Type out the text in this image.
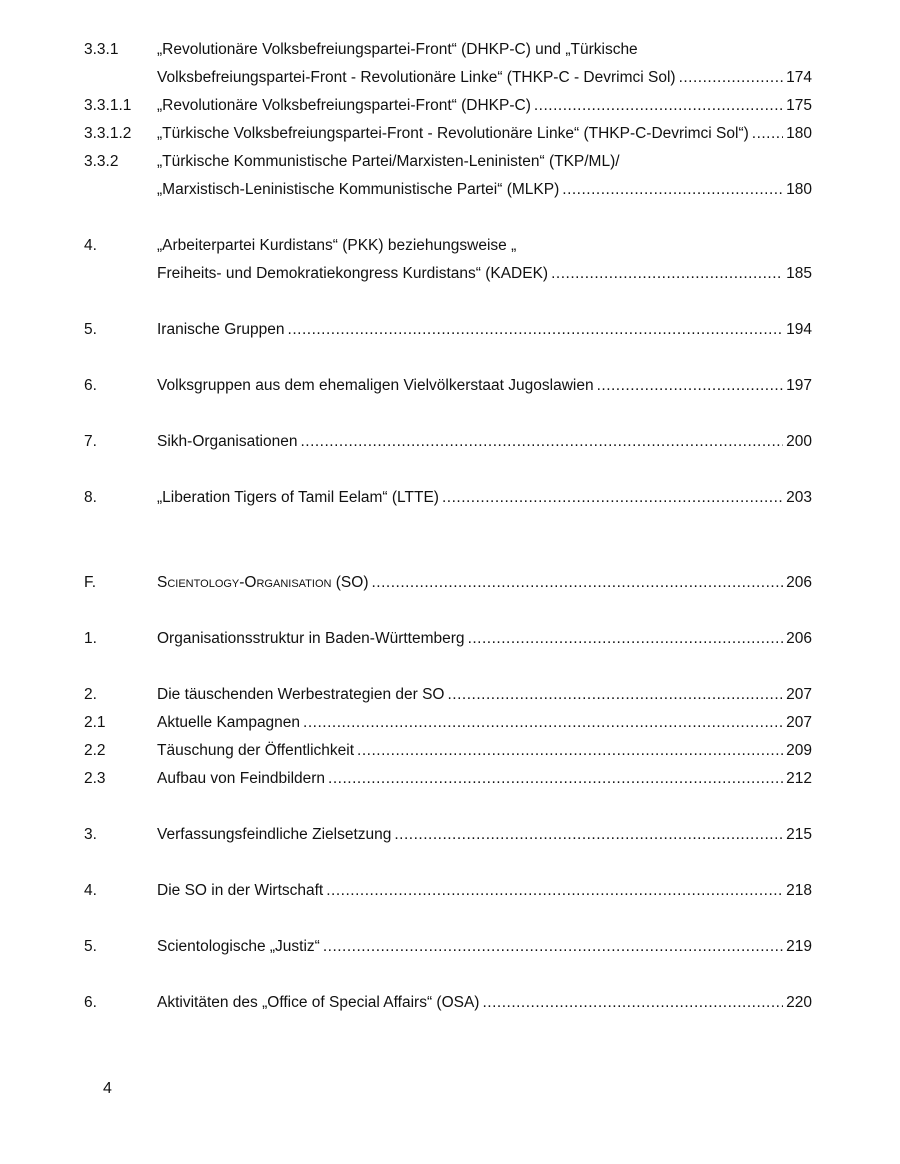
3.3.1 „Revolutionäre Volksbefreiungspartei-Front“ (DHKP-C) und „Türkische
Volksbefreiungspartei-Front - Revolutionäre Linke“ (THKP-C - Devrimci Sol) .....	174
3.3.1.1 „Revolutionäre Volksbefreiungspartei-Front“ (DHKP-C) .....	175
3.3.1.2 „Türkische Volksbefreiungspartei-Front - Revolutionäre Linke“ (THKP-C-Devrimci Sol“) ..... 180
3.3.2 „Türkische Kommunistische Partei/Marxisten-Leninisten“ (TKP/ML)/
„Marxistisch-Leninistische Kommunistische Partei“ (MLKP) .....	180
4.	„Arbeiterpartei Kurdistans“ (PKK) beziehungsweise „
Freiheits- und Demokratiekongress Kurdistans“ (KADEK) .....	185
5.	Iranische Gruppen .....	194
6.	Volksgruppen aus dem ehemaligen Vielvölkerstaat Jugoslawien .....	197
7.	Sikh-Organisationen .....	200
8.	„Liberation Tigers of Tamil Eelam“ (LTTE) .....	203
F.	Scientology-Organisation (SO) .....	206
1.	Organisationsstruktur in Baden-Württemberg .....	206
2.	Die täuschenden Werbestrategien der SO .....	207
2.1	Aktuelle Kampagnen .....	207
2.2	Täuschung der Öffentlichkeit .....	209
2.3	Aufbau von Feindbildern .....	212
3.	Verfassungsfeindliche Zielsetzung .....	215
4.	Die SO in der Wirtschaft .....	218
5.	Scientologische „Justiz“ .....	219
6.	Aktivitäten des „Office of Special Affairs“ (OSA) .....	220
4
